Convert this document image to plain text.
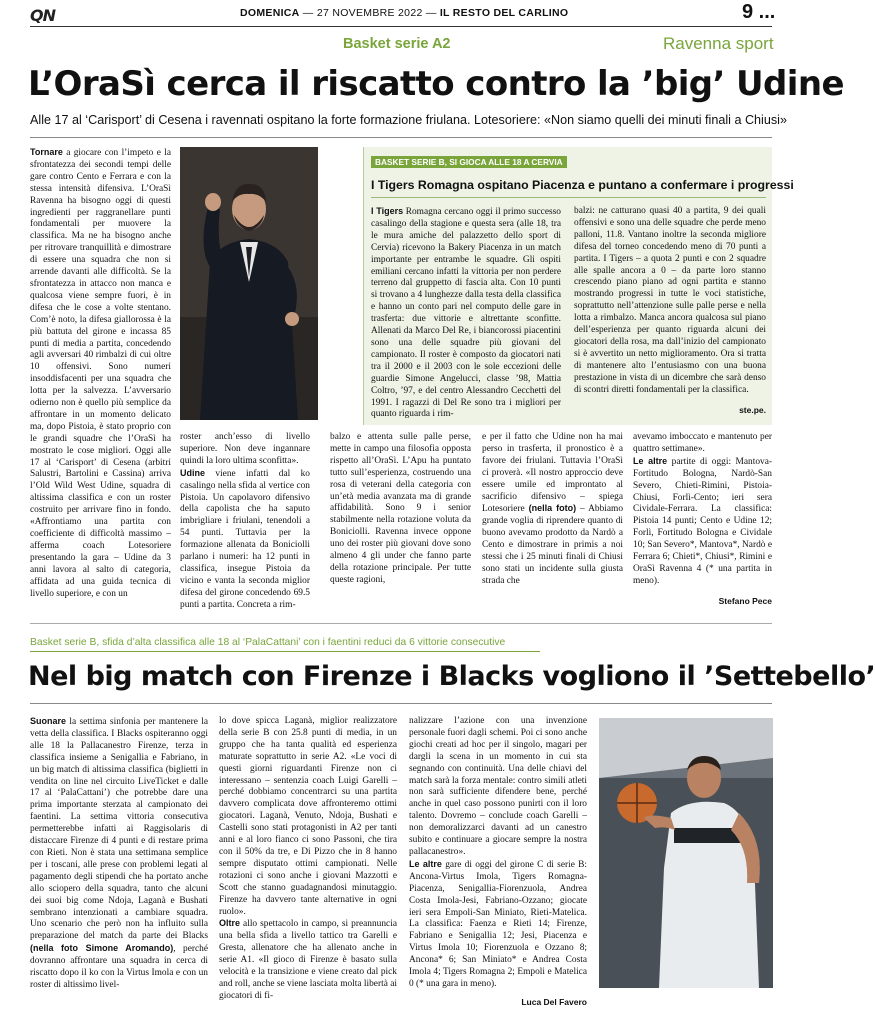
QN	DOMENICA — 27 NOVEMBRE 2022 — IL RESTO DEL CARLINO	9 ...
Basket serie A2	Ravenna sport
L’OraSì cerca il riscatto contro la ’big’ Udine
Alle 17 al ‘Carisport’ di Cesena i ravennati ospitano la forte formazione friulana. Lotesoriere: «Non siamo quelli dei minuti finali a Chiusi»
Tornare a giocare con l’impeto e la sfrontatezza dei secondi tempi delle gare contro Cento e Ferrara e con la stessa intensità difensiva. L’OraSì Ravenna ha bisogno oggi di questi ingredienti per raggranellare punti fondamentali per muovere la classifica. Ma ne ha bisogno anche per ritrovare tranquillità e dimostrare di essere una squadra che non si arrende davanti alle difficoltà. Se la sfrontatezza in attacco non manca e qualcosa viene sempre fuori, è in difesa che le cose a volte stentano. Com’è noto, la difesa giallorossa è la più battuta del girone e incassa 85 punti di media a partita, concedendo agli avversari 40 rimbalzi di cui oltre 10 offensivi. Sono numeri insoddisfacenti per una squadra che lotta per la salvezza. L’avversario odierno non è quello più semplice da affrontare in un momento delicato ma, dopo Pistoia, è stato proprio con le grandi squadre che l’OraSì ha mostrato le cose migliori. Oggi alle 17 al ‘Carisport’ di Cesena (arbitri Salustri, Bartolini e Cassina) arriva l’Old Wild West Udine, squadra di altissima classifica e con un roster costruito per arrivare fino in fondo. «Affrontiamo una partita con coefficiente di difficoltà massimo – afferma coach Lotesoriere presentando la gara – Udine da 3 anni lavora al salto di categoria, affidata ad una guida tecnica di livello superiore, e con un
roster anch’esso di livello superiore. Non deve ingannare quindi la loro ultima sconfitta».
Udine viene infatti dal ko casalingo nella sfida al vertice con Pistoia. Un capolavoro difensivo della capolista che ha saputo imbrigliare i friulani, tenendoli a 54 punti. Tuttavia per la formazione allenata da Boniciolli parlano i numeri: ha 12 punti in classifica, insegue Pistoia da vicino e vanta la seconda miglior difesa del girone concedendo 69.5 punti a partita. Concreta a rim-
balzo e attenta sulle palle perse, mette in campo una filosofia opposta rispetto all’OraSì. L’Apu ha puntato tutto sull’esperienza, costruendo una rosa di veterani della categoria con un’età media avanzata ma di grande affidabilità. Sono 9 i senior stabilmente nella rotazione voluta da Boniciolli. Ravenna invece oppone uno dei roster più giovani dove sono almeno 4 gli under che fanno parte della rotazione principale. Per tutte queste ragioni,
e per il fatto che Udine non ha mai perso in trasferta, il pronostico è a favore dei friulani. Tuttavia l’OraSì ci proverà. «Il nostro approccio deve essere umile ed improntato al sacrificio difensivo – spiega Lotesoriere (nella foto) – Abbiamo grande voglia di riprendere quanto di buono avevamo prodotto da Nardò a Cento e dimostrare in primis a noi stessi che i 25 minuti finali di Chiusi sono stati un incidente sulla giusta strada che
avevamo imboccato e mantenuto per quattro settimane».
Le altre partite di oggi: Mantova-Fortitudo Bologna, Nardò-San Severo, Chieti-Rimini, Pistoia-Chiusi, Forlì-Cento; ieri sera Cividale-Ferrara. La classifica: Pistoia 14 punti; Cento e Udine 12; Forlì, Fortitudo Bologna e Cividale 10; San Severo*, Mantova*, Nardò e Ferrara 6; Chieti*, Chiusi*, Rimini e OraSì Ravenna 4 (* una partita in meno).
Stefano Pece
BASKET SERIE B, SI GIOCA ALLE 18 A CERVIA
I Tigers Romagna ospitano Piacenza e puntano a confermare i progressi
I Tigers Romagna cercano oggi il primo successo casalingo della stagione e questa sera (alle 18, tra le mura amiche del palazzetto dello sport di Cervia) ricevono la Bakery Piacenza in un match importante per entrambe le squadre. Gli ospiti emiliani cercano infatti la vittoria per non perdere terreno dal gruppetto di fascia alta. Con 10 punti si trovano a 4 lunghezze dalla testa della classifica e hanno un conto pari nel computo delle gare in trasferta: due vittorie e altrettante sconfitte. Allenati da Marco Del Re, i biancorossi piacentini sono una delle squadre più giovani del campionato. Il roster è composto da giocatori nati tra il 2000 e il 2003 con le sole eccezioni delle guardie Simone Angelucci, classe ’98, Mattia Coltro, ’97, e del centro Alessandro Cecchetti del 1991. I ragazzi di Del Re sono tra i migliori per quanto riguarda i rim-
balzi: ne catturano quasi 40 a partita, 9 dei quali offensivi e sono una delle squadre che perde meno palloni, 11.8. Vantano inoltre la seconda migliore difesa del torneo concedendo meno di 70 punti a partita. I Tigers – a quota 2 punti e con 2 squadre alle spalle ancora a 0 – da parte loro stanno crescendo piano piano ad ogni partita e stanno mostrando progressi in tutte le voci statistiche, soprattutto nell’attenzione sulle palle perse e nella lotta a rimbalzo. Manca ancora qualcosa sul piano dell’esperienza per quanto riguarda alcuni dei giocatori della rosa, ma dall’inizio del campionato si è avvertito un netto miglioramento. Ora si tratta di mantenere alto l’entusiasmo con una buona prestazione in vista di un dicembre che sarà denso di scontri diretti fondamentali per la classifica.
ste.pe.
Basket serie B, sfida d’alta classifica alle 18 al ‘PalaCattani’ con i faentini reduci da 6 vittorie consecutive
Nel big match con Firenze i Blacks vogliono il ’Settebello’
Suonare la settima sinfonia per mantenere la vetta della classifica. I Blacks ospiteranno oggi alle 18 la Pallacanestro Firenze, terza in classifica insieme a Senigallia e Fabriano, in un big match di altissima classifica (biglietti in vendita on line nel circuito LiveTicket e dalle 17 al ‘PalaCattani’) che potrebbe dare una prima importante sterzata al campionato dei faentini. La settima vittoria consecutiva permetterebbe infatti ai Raggisolaris di distaccare Firenze di 4 punti e di restare prima con Rieti. Non è stata una settimana semplice per i toscani, alle prese con problemi legati al pagamento degli stipendi che ha portato anche allo sciopero della squadra, tanto che alcuni dei suoi big come Ndoja, Laganà e Bushati sembrano intenzionati a cambiare squadra. Uno scenario che però non ha influito sulla preparazione del match da parte dei Blacks (nella foto Simone Aromando), perché dovranno affrontare una squadra in cerca di riscatto dopo il ko con la Virtus Imola e con un roster di altissimo livel-
lo dove spicca Laganà, miglior realizzatore della serie B con 25.8 punti di media, in un gruppo che ha tanta qualità ed esperienza maturate soprattutto in serie A2. «Le voci di questi giorni riguardanti Firenze non ci interessano – sentenzia coach Luigi Garelli – perché dobbiamo concentrarci su una partita davvero complicata dove affronteremo ottimi giocatori. Laganà, Venuto, Ndoja, Bushati e Castelli sono stati protagonisti in A2 per tanti anni e al loro fianco ci sono Passoni, che tira con il 50% da tre, e Di Pizzo che in 8 hanno sempre disputato ottimi campionati. Nelle rotazioni ci sono anche i giovani Mazzotti e Scott che stanno guadagnandosi minutaggio. Firenze ha davvero tante alternative in ogni ruolo».
Oltre allo spettacolo in campo, si preannuncia una bella sfida a livello tattico tra Garelli e Gresta, allenatore che ha allenato anche in serie A1. «Il gioco di Firenze è basato sulla velocità e la transizione e viene creato dal pick and roll, anche se viene lasciata molta libertà ai giocatori di fi-
nalizzare l’azione con una invenzione personale fuori dagli schemi. Poi ci sono anche giochi creati ad hoc per il singolo, magari per dargli la scena in un momento in cui sta segnando con continuità. Una delle chiavi del match sarà la forza mentale: contro simili atleti non sarà sufficiente difendere bene, perché anche in quel caso possono punirti con il loro talento. Dovremo – conclude coach Garelli – non demoralizzarci davanti ad un canestro subito e continuare a giocare sempre la nostra pallacanestro».
Le altre gare di oggi del girone C di serie B: Ancona-Virtus Imola, Tigers Romagna-Piacenza, Senigallia-Fiorenzuola, Andrea Costa Imola-Jesi, Fabriano-Ozzano; giocate ieri sera Empoli-San Miniato, Rieti-Matelica. La classifica: Faenza e Rieti 14; Firenze, Fabriano e Senigallia 12; Jesi, Piacenza e Virtus Imola 10; Fiorenzuola e Ozzano 8; Ancona* 6; San Miniato* e Andrea Costa Imola 4; Tigers Romagna 2; Empoli e Matelica 0 (* una gara in meno).
Luca Del Favero
